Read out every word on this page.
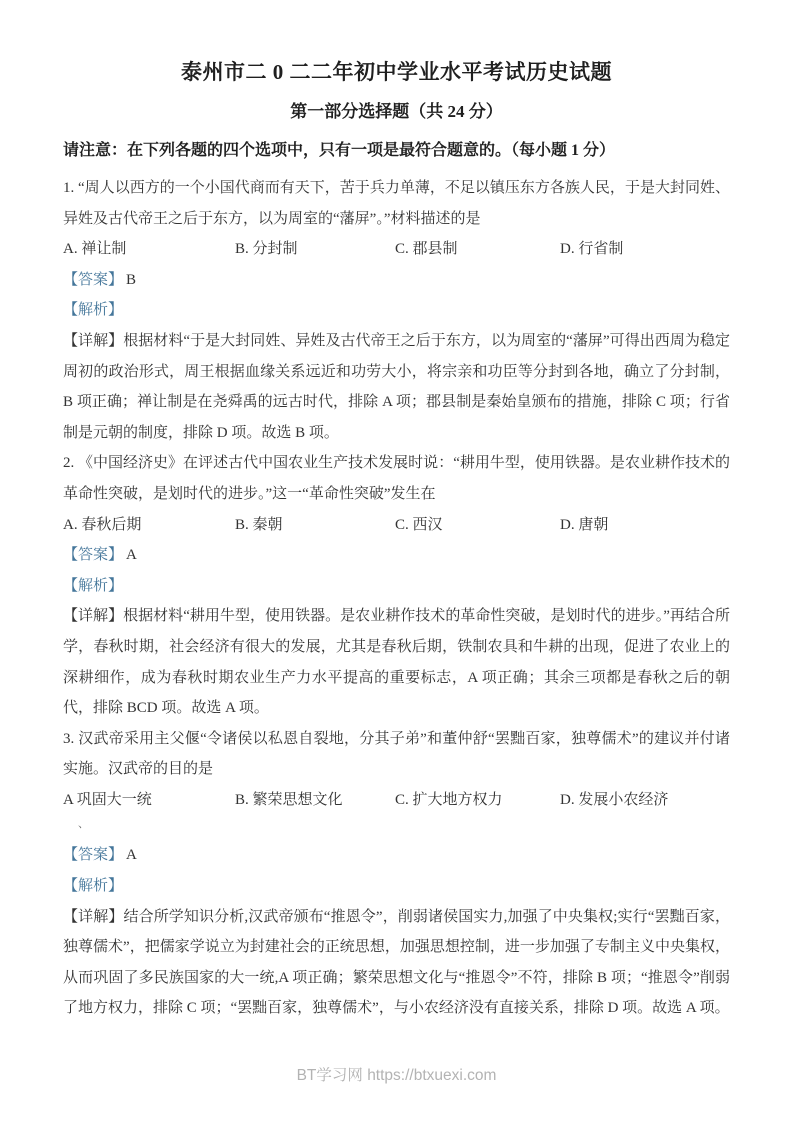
泰州市二 0 二二年初中学业水平考试历史试题
第一部分选择题（共 24 分）

请注意：在下列各题的四个选项中，只有一项是最符合题意的。（每小题 1 分）

1. “周人以西方的一个小国代商而有天下，苦于兵力单薄，不足以镇压东方各族人民，于是大封同姓、异姓及古代帝王之后于东方，以为周室的“藩屏”。”材料描述的是

A. 禅让制	B. 分封制	C. 郡县制	D. 行省制

【答案】 B

【解析】

【详解】根据材料“于是大封同姓、异姓及古代帝王之后于东方，以为周室的“藩屏”可得出西周为稳定周初的政治形式，周王根据血缘关系远近和功劳大小，将宗亲和功臣等分封到各地，确立了分封制，B 项正确；禅让制是在尧舜禹的远古时代，排除 A 项；郡县制是秦始皇颁布的措施，排除 C 项；行省制是元朝的制度，排除 D 项。故选 B 项。

2. 《中国经济史》在评述古代中国农业生产技术发展时说：“耕用牛型，使用铁器。是农业耕作技术的革命性突破，是划时代的进步。”这一“革命性突破”发生在

A. 春秋后期	B. 秦朝	C. 西汉	D. 唐朝

【答案】 A

【解析】

【详解】根据材料“耕用牛型，使用铁器。是农业耕作技术的革命性突破，是划时代的进步。”再结合所学，春秋时期，社会经济有很大的发展，尤其是春秋后期，铁制农具和牛耕的出现，促进了农业上的深耕细作，成为春秋时期农业生产力水平提高的重要标志，A 项正确；其余三项都是春秋之后的朝代，排除 BCD 项。故选 A 项。

3. 汉武帝采用主父偃“令诸侯以私恩自裂地，分其子弟”和董仲舒“罢黜百家，独尊儒术”的建议并付诸实施。汉武帝的目的是

A 巩固大一统	B. 繁荣思想文化	C. 扩大地方权力	D. 发展小农经济

、

【答案】 A

【解析】

【详解】结合所学知识分析,汉武帝颁布“推恩令”，削弱诸侯国实力,加强了中央集权;实行“罢黜百家，独尊儒术”，把儒家学说立为封建社会的正统思想，加强思想控制，进一步加强了专制主义中央集权，从而巩固了多民族国家的大一统,A 项正确；繁荣思想文化与“推恩令”不符，排除 B 项；“推恩令”削弱了地方权力，排除 C 项；“罢黜百家，独尊儒术”，与小农经济没有直接关系，排除 D 项。故选 A 项。

BT学习网 https://btxuexi.com
